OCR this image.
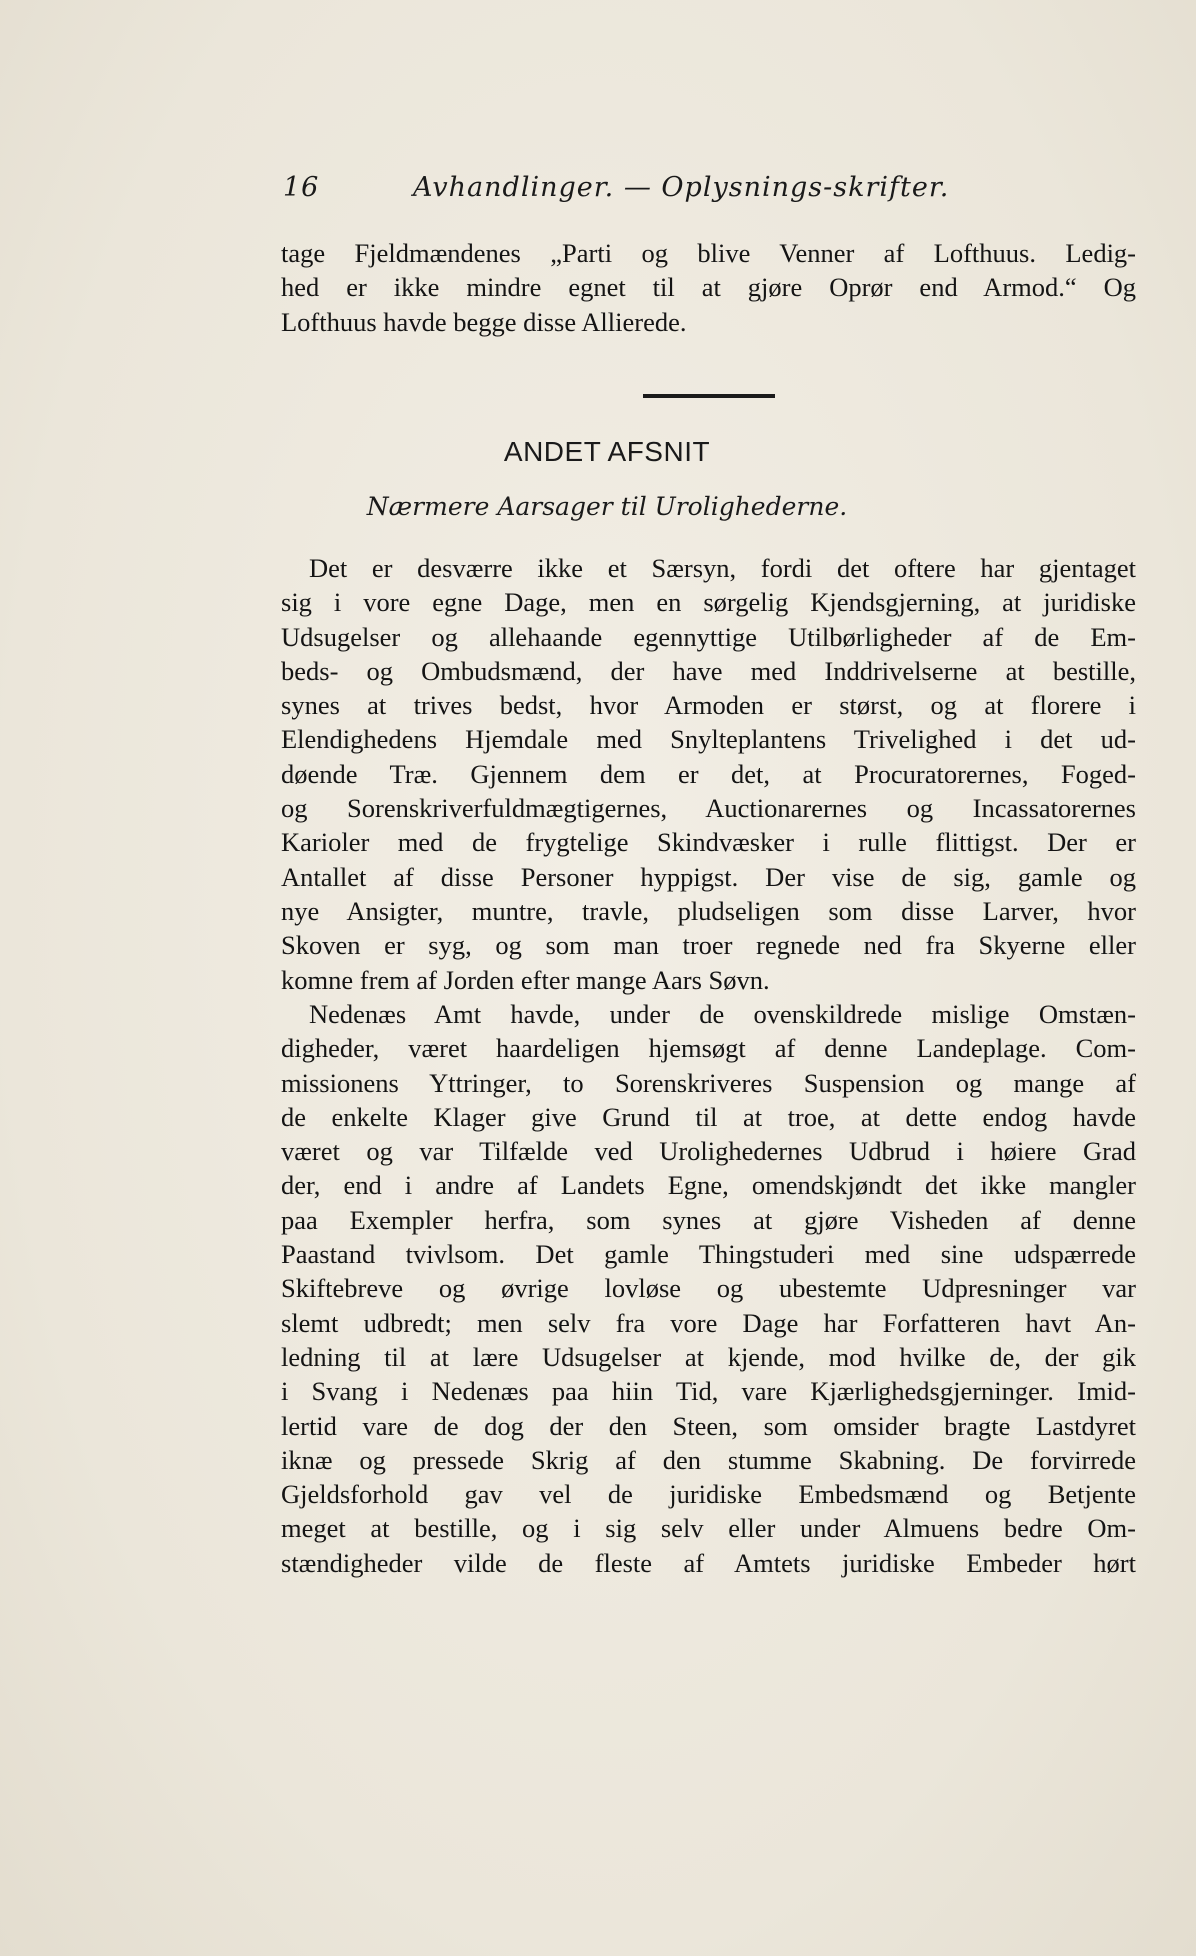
16	Avhandlinger. — Oplysnings-skrifter.
tage Fjeldmændenes „Parti og blive Venner af Lofthuus. Ledig-
hed er ikke mindre egnet til at gjøre Oprør end Armod.“ Og
Lofthuus havde begge disse Allierede.
ANDET AFSNIT
Nærmere Aarsager til Urolighederne.
Det er desværre ikke et Særsyn, fordi det oftere har gjentaget
sig i vore egne Dage, men en sørgelig Kjendsgjerning, at juridiske
Udsugelser og allehaande egennyttige Utilbørligheder af de Em-
beds- og Ombudsmænd, der have med Inddrivelserne at bestille,
synes at trives bedst, hvor Armoden er størst, og at florere i
Elendighedens Hjemdale med Snylteplantens Trivelighed i det ud-
døende Træ. Gjennem dem er det, at Procuratorernes, Foged-
og Sorenskriverfuldmægtigernes, Auctionarernes og Incassatorernes
Karioler med de frygtelige Skindvæsker i rulle flittigst. Der er
Antallet af disse Personer hyppigst. Der vise de sig, gamle og
nye Ansigter, muntre, travle, pludseligen som disse Larver, hvor
Skoven er syg, og som man troer regnede ned fra Skyerne eller
komne frem af Jorden efter mange Aars Søvn.
Nedenæs Amt havde, under de ovenskildrede mislige Omstæn-
digheder, været haardeligen hjemsøgt af denne Landeplage. Com-
missionens Yttringer, to Sorenskriveres Suspension og mange af
de enkelte Klager give Grund til at troe, at dette endog havde
været og var Tilfælde ved Urolighedernes Udbrud i høiere Grad
der, end i andre af Landets Egne, omendskjøndt det ikke mangler
paa Exempler herfra, som synes at gjøre Visheden af denne
Paastand tvivlsom. Det gamle Thingstuderi med sine udspærrede
Skiftebreve og øvrige lovløse og ubestemte Udpresninger var
slemt udbredt; men selv fra vore Dage har Forfatteren havt An-
ledning til at lære Udsugelser at kjende, mod hvilke de, der gik
i Svang i Nedenæs paa hiin Tid, vare Kjærlighedsgjerninger. Imid-
lertid vare de dog der den Steen, som omsider bragte Lastdyret
iknæ og pressede Skrig af den stumme Skabning. De forvirrede
Gjeldsforhold gav vel de juridiske Embedsmænd og Betjente
meget at bestille, og i sig selv eller under Almuens bedre Om-
stændigheder vilde de fleste af Amtets juridiske Embeder hørt
